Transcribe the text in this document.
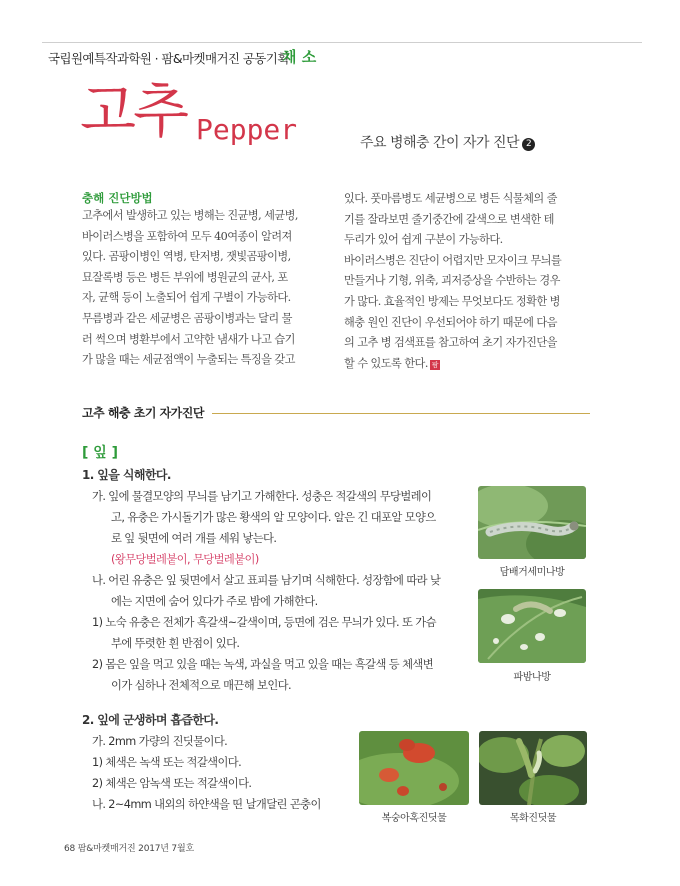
국립원예특작과학원 · 팜&마켓매거진 공동기획
채 소
고추 Pepper	주요 병해충 간이 자가 진단 2
충해 진단방법

고추에서 발생하고 있는 병해는 진균병, 세균병,

바이러스병을 포함하여 모두 40여종이 알려져

있다. 곰팡이병인 역병, 탄저병, 잿빛곰팡이병,

묘잘록병 등은 병든 부위에 병원균의 균사, 포

자, 균핵 등이 노출되어 쉽게 구별이 가능하다.

무름병과 같은 세균병은 곰팡이병과는 달리 물

러 썩으며 병환부에서 고약한 냄새가 나고 습기

가 많을 때는 세균점액이 누출되는 특징을 갖고

있다. 풋마름병도 세균병으로 병든 식물체의 줄

기를 잘라보면 줄기중간에 갈색으로 변색한 테

두리가 있어 쉽게 구분이 가능하다.

바이러스병은 진단이 어렵지만 모자이크 무늬를

만들거나 기형, 위축, 괴저증상을 수반하는 경우

가 많다. 효율적인 방제는 무엇보다도 정확한 병

해충 원인 진단이 우선되어야 하기 때문에 다음

의 고추 병 검색표를 참고하여 초기 자가진단을

할 수 있도록 한다. 팜

고추 해충 초기 자가진단
[ 잎 ]
1. 잎을 식해한다.
가. 잎에 물결모양의 무늬를 남기고 가해한다. 성충은 적갈색의 무당벌레이
고, 유충은 가시돌기가 많은 황색의 알 모양이다. 알은 긴 대포알 모양으
로 잎 뒷면에 여러 개를 세워 낳는다.
(왕무당벌레붙이, 무당벌레붙이)
나. 어린 유충은 잎 뒷면에서 살고 표피를 남기며 식해한다. 성장함에 따라 낮
에는 지면에 숨어 있다가 주로 밤에 가해한다.
1) 노숙 유충은 전체가 흑갈색~갈색이며, 등면에 검은 무늬가 있다. 또 가슴
부에 뚜렷한 흰 반점이 있다.
2) 몸은 잎을 먹고 있을 때는 녹색, 과실을 먹고 있을 때는 흑갈색 등 체색변
이가 심하나 전체적으로 매끈해 보인다.
2. 잎에 군생하며 흡즙한다.
가. 2mm 가량의 진딧물이다.
1) 체색은 녹색 또는 적갈색이다.
2) 체색은 암녹색 또는 적갈색이다.
나. 2~4mm 내외의 하얀색을 띤 날개달린 곤충이
담배거세미나방
파밤나방
복숭아혹진딧물	목화진딧물
68 팜&마켓매거진 2017년 7월호
